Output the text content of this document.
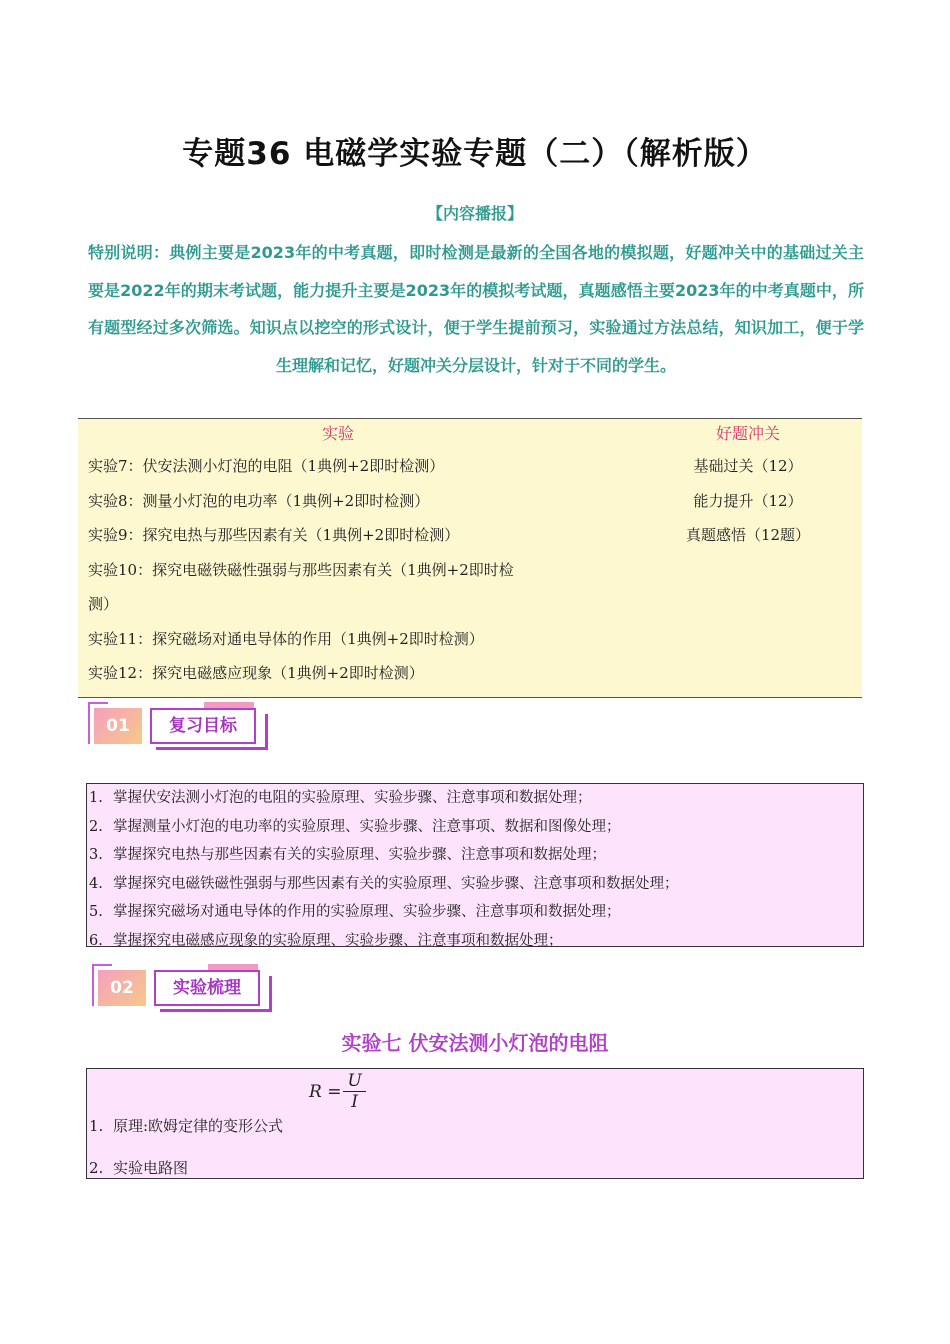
专题36 电磁学实验专题（二）（解析版）
【内容播报】
特别说明：典例主要是2023年的中考真题，即时检测是最新的全国各地的模拟题，好题冲关中的基础过关主要是2022年的期末考试题，能力提升主要是2023年的模拟考试题，真题感悟主要2023年的中考真题中，所有题型经过多次筛选。知识点以挖空的形式设计，便于学生提前预习，实验通过方法总结，知识加工，便于学生理解和记忆，好题冲关分层设计，针对于不同的学生。
实验
实验7：伏安法测小灯泡的电阻（1典例+2即时检测）
实验8：测量小灯泡的电功率（1典例+2即时检测）
实验9：探究电热与那些因素有关（1典例+2即时检测）
实验10：探究电磁铁磁性强弱与那些因素有关（1典例+2即时检
测）
实验11：探究磁场对通电导体的作用（1典例+2即时检测）
实验12：探究电磁感应现象（1典例+2即时检测）
好题冲关
基础过关（12）
能力提升（12）
真题感悟（12题）
01	复习目标
1. 掌握伏安法测小灯泡的电阻的实验原理、实验步骤、注意事项和数据处理；
2. 掌握测量小灯泡的电功率的实验原理、实验步骤、注意事项、数据和图像处理；
3. 掌握探究电热与那些因素有关的实验原理、实验步骤、注意事项和数据处理；
4. 掌握探究电磁铁磁性强弱与那些因素有关的实验原理、实验步骤、注意事项和数据处理；
5. 掌握探究磁场对通电导体的作用的实验原理、实验步骤、注意事项和数据处理；
6. 掌握探究电磁感应现象的实验原理、实验步骤、注意事项和数据处理；
02	实验梳理
实验七 伏安法测小灯泡的电阻
$R = \frac{U}{I}$
1. 原理:欧姆定律的变形公式
2. 实验电路图
